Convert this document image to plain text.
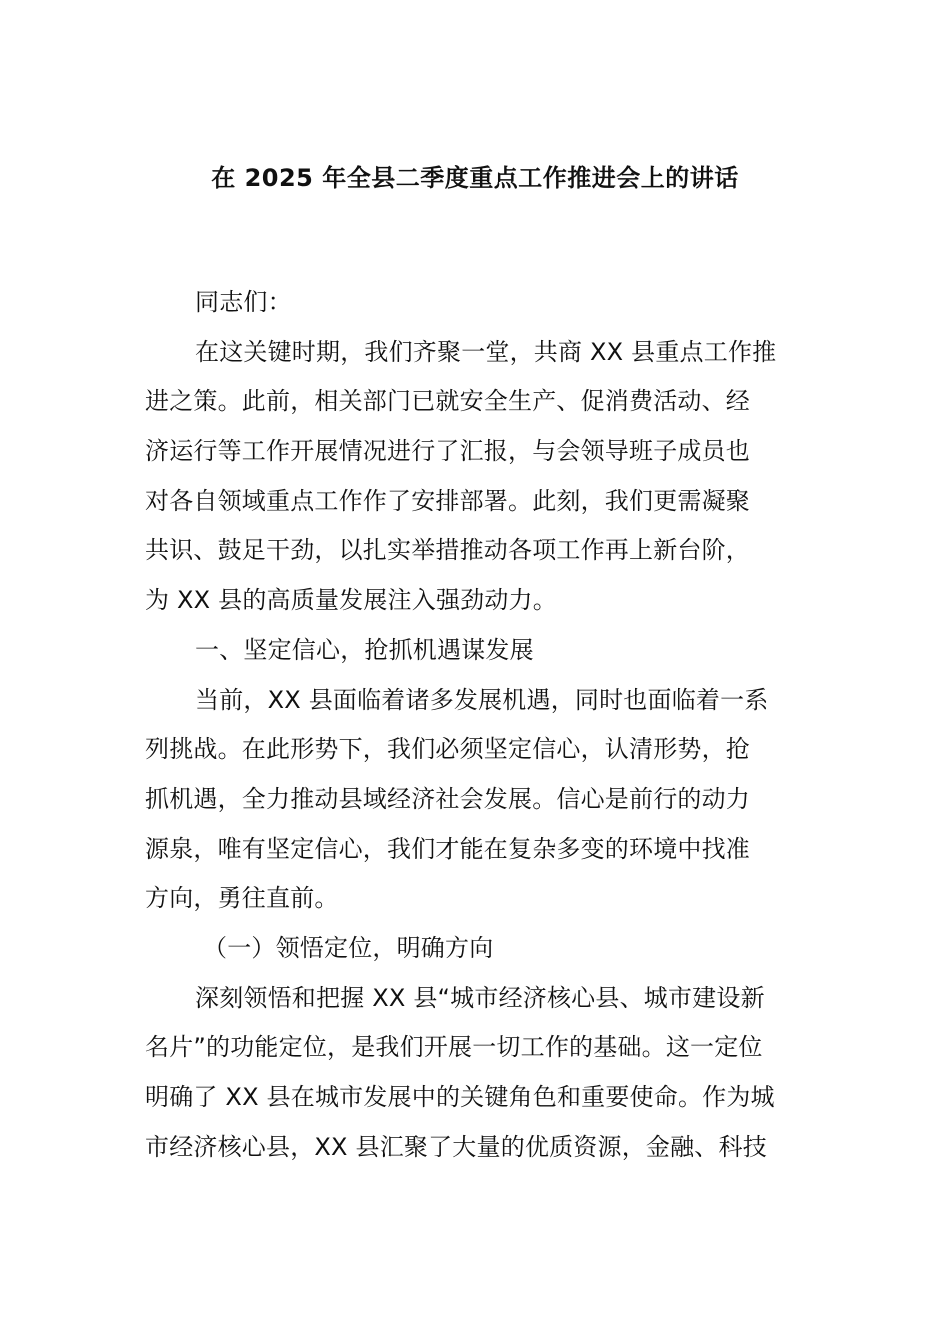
在 2025 年全县二季度重点工作推进会上的讲话
同志们：
在这关键时期，我们齐聚一堂，共商 XX 县重点工作推
进之策。此前，相关部门已就安全生产、促消费活动、经
济运行等工作开展情况进行了汇报，与会领导班子成员也
对各自领域重点工作作了安排部署。此刻，我们更需凝聚
共识、鼓足干劲，以扎实举措推动各项工作再上新台阶，
为 XX 县的高质量发展注入强劲动力。
一、坚定信心，抢抓机遇谋发展
当前，XX 县面临着诸多发展机遇，同时也面临着一系
列挑战。在此形势下，我们必须坚定信心，认清形势，抢
抓机遇，全力推动县域经济社会发展。信心是前行的动力
源泉，唯有坚定信心，我们才能在复杂多变的环境中找准
方向，勇往直前。
（一）领悟定位，明确方向
深刻领悟和把握 XX 县“城市经济核心县、城市建设新
名片”的功能定位，是我们开展一切工作的基础。这一定位
明确了 XX 县在城市发展中的关键角色和重要使命。作为城
市经济核心县，XX 县汇聚了大量的优质资源，金融、科技
